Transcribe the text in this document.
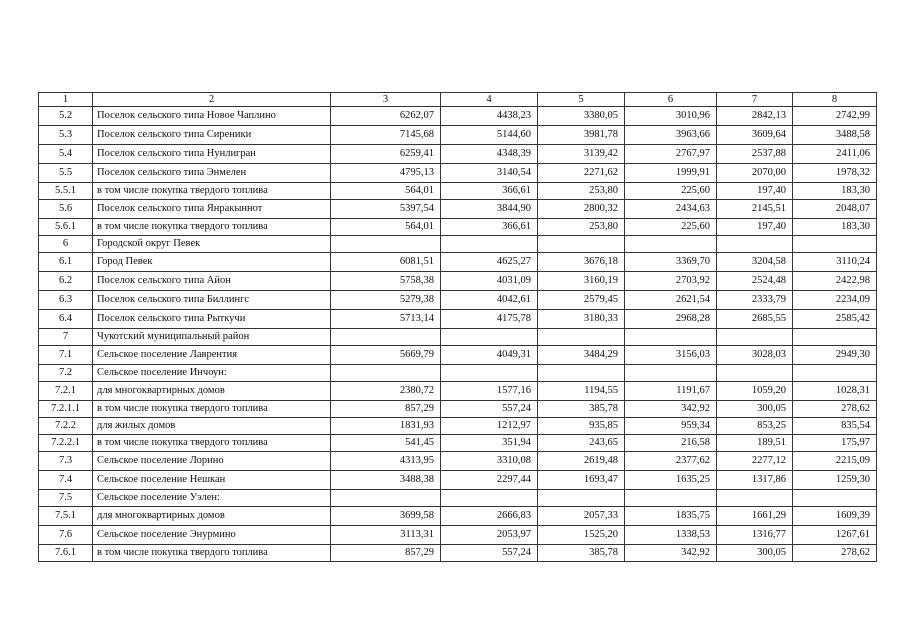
1	2	3	4	5	6	7	8
5.2	Поселок сельского типа Новое Чаплино	6262,07	4438,23	3380,05	3010,96	2842,13	2742,99
5.3	Поселок сельского типа Сиреники	7145,68	5144,60	3981,78	3963,66	3609,64	3488,58
5.4	Поселок сельского типа Нунлигран	6259,41	4348,39	3139,42	2767,97	2537,88	2411,06
5.5	Поселок сельского типа Энмелен	4795,13	3140,54	2271,62	1999,91	2070,00	1978,32
5.5.1	в том числе покупка твердого топлива	564,01	366,61	253,80	225,60	197,40	183,30
5.6	Поселок сельского типа Янракыннот	5397,54	3844,90	2800,32	2434,63	2145,51	2048,07
5.6.1	в том числе покупка твердого топлива	564,01	366,61	253,80	225,60	197,40	183,30
6	Городской округ Певек						
6.1	Город Певек	6081,51	4625,27	3676,18	3369,70	3204,58	3110,24
6.2	Поселок сельского типа Айон	5758,38	4031,09	3160,19	2703,92	2524,48	2422,98
6.3	Поселок сельского типа Биллингс	5279,38	4042,61	2579,45	2621,54	2333,79	2234,09
6.4	Поселок сельского типа Рыткучи	5713,14	4175,78	3180,33	2968,28	2685,55	2585,42
7	Чукотский муниципальный район						
7.1	Сельское поселение Лаврентия	5669,79	4049,31	3484,29	3156,03	3028,03	2949,30
7.2	Сельское поселение Инчоун:						
7.2.1	для многоквартирных домов	2380,72	1577,16	1194,55	1191,67	1059,20	1028,31
7.2.1.1	в том числе покупка твердого топлива	857,29	557,24	385,78	342,92	300,05	278,62
7.2.2	для жилых домов	1831,93	1212,97	935,85	959,34	853,25	835,54
7.2.2.1	в том числе покупка твердого топлива	541,45	351,94	243,65	216,58	189,51	175,97
7.3	Сельское поселение Лорино	4313,95	3310,08	2619,48	2377,62	2277,12	2215,09
7.4	Сельское поселение Нешкан	3488,38	2297,44	1693,47	1635,25	1317,86	1259,30
7.5	Сельское поселение Уэлен:						
7.5.1	для многоквартирных домов	3699,58	2666,83	2057,33	1835,75	1661,29	1609,39
7.6	Сельское поселение Энурмино	3113,31	2053,97	1525,20	1338,53	1316,77	1267,61
7.6.1	в том числе покупка твердого топлива	857,29	557,24	385,78	342,92	300,05	278,62
